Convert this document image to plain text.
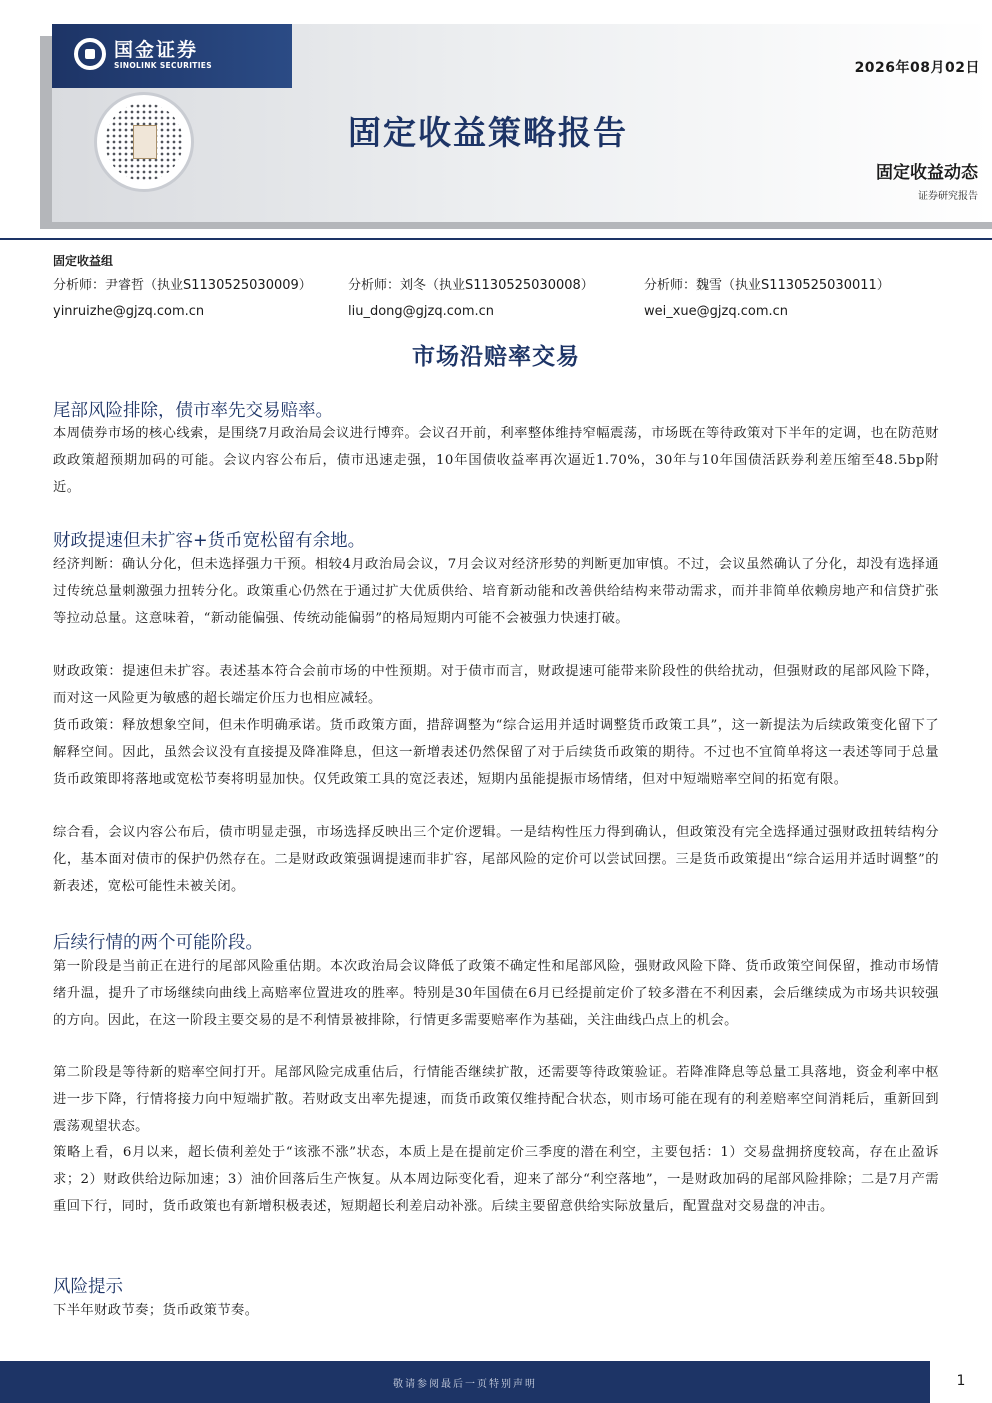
国金证券
SINOLINK SECURITIES	2026年08月02日
固定收益策略报告
固定收益动态
证券研究报告
固定收益组
分析师：尹睿哲（执业S1130525030009）
yinruizhe@gjzq.com.cn
分析师：刘冬（执业S1130525030008）
liu_dong@gjzq.com.cn
分析师：魏雪（执业S1130525030011）
wei_xue@gjzq.com.cn
市场沿赔率交易
尾部风险排除，债市率先交易赔率。
本周债券市场的核心线索，是围绕7月政治局会议进行博弈。会议召开前，利率整体维持窄幅震荡，市场既在等待政策对下半年的定调，也在防范财政政策超预期加码的可能。会议内容公布后，债市迅速走强，10年国债收益率再次逼近1.70%，30年与10年国债活跃券利差压缩至48.5bp附近。
财政提速但未扩容+货币宽松留有余地。
经济判断：确认分化，但未选择强力干预。相较4月政治局会议，7月会议对经济形势的判断更加审慎。不过，会议虽然确认了分化，却没有选择通过传统总量刺激强力扭转分化。政策重心仍然在于通过扩大优质供给、培育新动能和改善供给结构来带动需求，而并非简单依赖房地产和信贷扩张等拉动总量。这意味着，“新动能偏强、传统动能偏弱”的格局短期内可能不会被强力快速打破。
财政政策：提速但未扩容。表述基本符合会前市场的中性预期。对于债市而言，财政提速可能带来阶段性的供给扰动，但强财政的尾部风险下降，而对这一风险更为敏感的超长端定价压力也相应减轻。
货币政策：释放想象空间，但未作明确承诺。货币政策方面，措辞调整为“综合运用并适时调整货币政策工具”，这一新提法为后续政策变化留下了解释空间。因此，虽然会议没有直接提及降准降息，但这一新增表述仍然保留了对于后续货币政策的期待。不过也不宜简单将这一表述等同于总量货币政策即将落地或宽松节奏将明显加快。仅凭政策工具的宽泛表述，短期内虽能提振市场情绪，但对中短端赔率空间的拓宽有限。
综合看，会议内容公布后，债市明显走强，市场选择反映出三个定价逻辑。一是结构性压力得到确认，但政策没有完全选择通过强财政扭转结构分化，基本面对债市的保护仍然存在。二是财政政策强调提速而非扩容，尾部风险的定价可以尝试回摆。三是货币政策提出“综合运用并适时调整”的新表述，宽松可能性未被关闭。
后续行情的两个可能阶段。
第一阶段是当前正在进行的尾部风险重估期。本次政治局会议降低了政策不确定性和尾部风险，强财政风险下降、货币政策空间保留，推动市场情绪升温，提升了市场继续向曲线上高赔率位置进攻的胜率。特别是30年国债在6月已经提前定价了较多潜在不利因素，会后继续成为市场共识较强的方向。因此，在这一阶段主要交易的是不利情景被排除，行情更多需要赔率作为基础，关注曲线凸点上的机会。
第二阶段是等待新的赔率空间打开。尾部风险完成重估后，行情能否继续扩散，还需要等待政策验证。若降准降息等总量工具落地，资金利率中枢进一步下降，行情将接力向中短端扩散。若财政支出率先提速，而货币政策仅维持配合状态，则市场可能在现有的利差赔率空间消耗后，重新回到震荡观望状态。
策略上看，6月以来，超长债利差处于“该涨不涨”状态，本质上是在提前定价三季度的潜在利空，主要包括：1）交易盘拥挤度较高，存在止盈诉求；2）财政供给边际加速；3）油价回落后生产恢复。从本周边际变化看，迎来了部分“利空落地”，一是财政加码的尾部风险排除；二是7月产需重回下行，同时，货币政策也有新增积极表述，短期超长利差启动补涨。后续主要留意供给实际放量后，配置盘对交易盘的冲击。
风险提示
下半年财政节奏；货币政策节奏。
敬请参阅最后一页特别声明	1
